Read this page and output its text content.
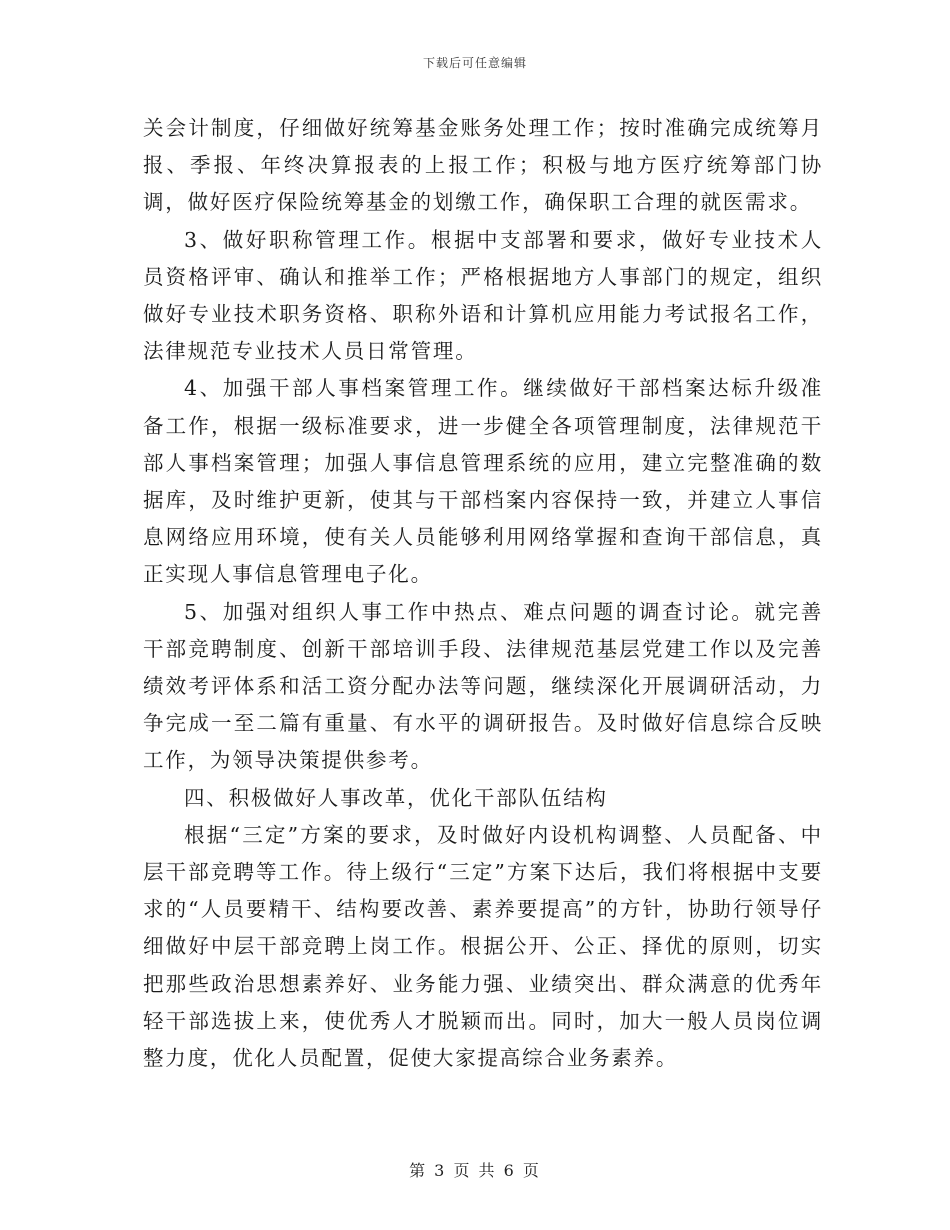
下载后可任意编辑

关会计制度，仔细做好统筹基金账务处理工作；按时准确完成统筹月报、季报、年终决算报表的上报工作；积极与地方医疗统筹部门协调，做好医疗保险统筹基金的划缴工作，确保职工合理的就医需求。

3、做好职称管理工作。根据中支部署和要求，做好专业技术人员资格评审、确认和推举工作；严格根据地方人事部门的规定，组织做好专业技术职务资格、职称外语和计算机应用能力考试报名工作，法律规范专业技术人员日常管理。

4、加强干部人事档案管理工作。继续做好干部档案达标升级准备工作，根据一级标准要求，进一步健全各项管理制度，法律规范干部人事档案管理；加强人事信息管理系统的应用，建立完整准确的数据库，及时维护更新，使其与干部档案内容保持一致，并建立人事信息网络应用环境，使有关人员能够利用网络掌握和查询干部信息，真正实现人事信息管理电子化。

5、加强对组织人事工作中热点、难点问题的调查讨论。就完善干部竞聘制度、创新干部培训手段、法律规范基层党建工作以及完善绩效考评体系和活工资分配办法等问题，继续深化开展调研活动，力争完成一至二篇有重量、有水平的调研报告。及时做好信息综合反映工作，为领导决策提供参考。

四、积极做好人事改革，优化干部队伍结构

根据“三定”方案的要求，及时做好内设机构调整、人员配备、中层干部竞聘等工作。待上级行“三定”方案下达后，我们将根据中支要求的“人员要精干、结构要改善、素养要提高”的方针，协助行领导仔细做好中层干部竞聘上岗工作。根据公开、公正、择优的原则，切实把那些政治思想素养好、业务能力强、业绩突出、群众满意的优秀年轻干部选拔上来，使优秀人才脱颖而出。同时，加大一般人员岗位调整力度，优化人员配置，促使大家提高综合业务素养。

第 3 页 共 6 页
